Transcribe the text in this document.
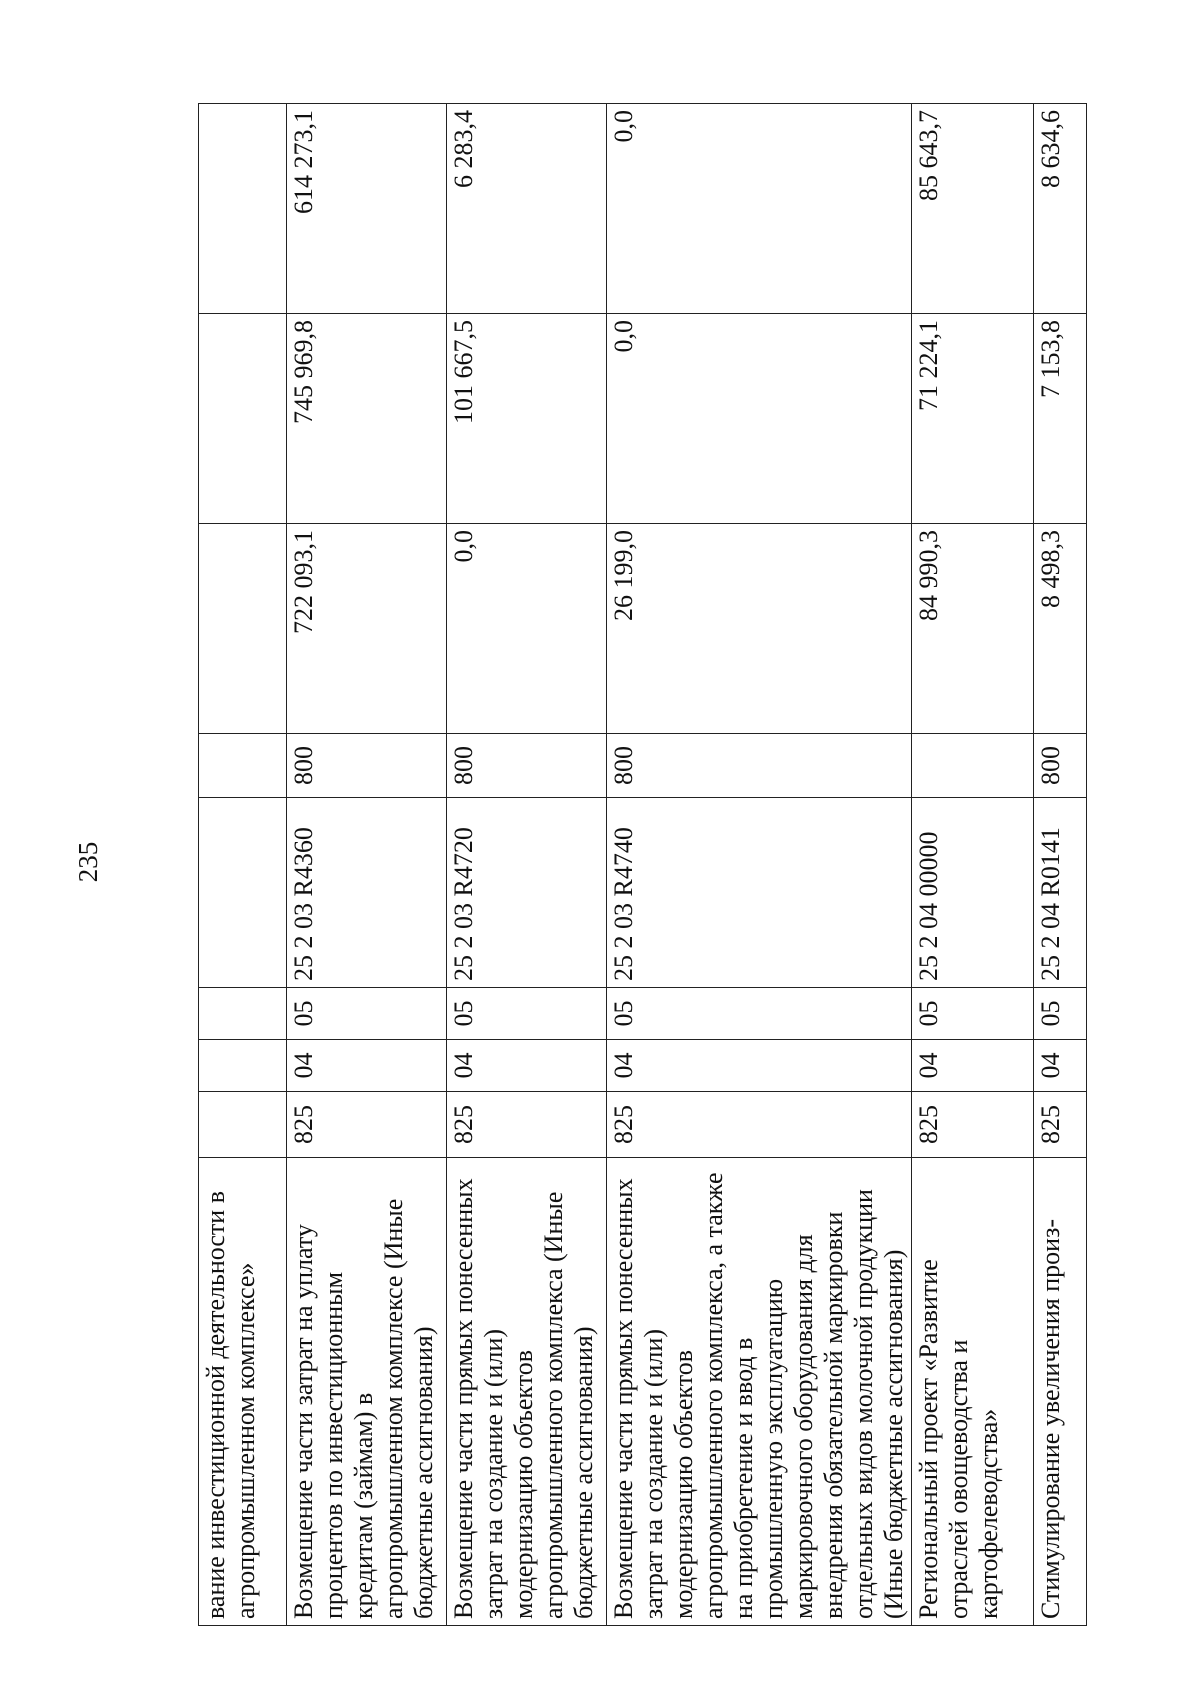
235
вание инвестиционной деятельности в агропромышленном комплексе»								
Возмещение части затрат на уплату процентов по инвестиционным кредитам (займам) в агропромышленном комплексе (Иные бюджетные ассигнования)	825	04	05	25 2 03 R4360	800	722 093,1	745 969,8	614 273,1
Возмещение части прямых понесенных затрат на создание и (или) модернизацию объектов агропромышленного комплекса (Иные бюджетные ассигнования)	825	04	05	25 2 03 R4720	800	0,0	101 667,5	6 283,4
Возмещение части прямых понесенных затрат на создание и (или) модернизацию объектов агропромышленного комплекса, а также на приобретение и ввод в промышленную эксплуатацию маркировочного оборудования для внедрения обязательной маркировки отдельных видов молочной продукции (Иные бюджетные ассигнования)	825	04	05	25 2 03 R4740	800	26 199,0	0,0	0,0
Региональный проект «Развитие отраслей овощеводства и картофелеводства»	825	04	05	25 2 04 00000		84 990,3	71 224,1	85 643,7
Стимулирование увеличения произ-	825	04	05	25 2 04 R0141	800	8 498,3	7 153,8	8 634,6
